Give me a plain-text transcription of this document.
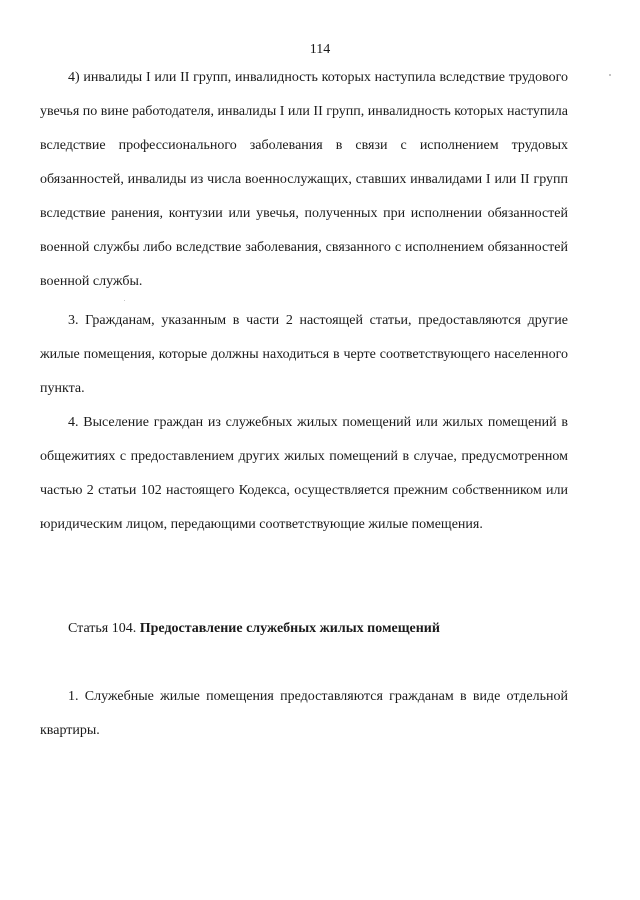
114

4) инвалиды I или II групп, инвалидность которых наступила вследствие трудового увечья по вине работодателя, инвалиды I или II групп, инвалидность которых наступила вследствие профессионального заболевания в связи с исполнением трудовых обязанностей, инвалиды из числа военнослужащих, ставших инвалидами I или II групп вследствие ранения, контузии или увечья, полученных при исполнении обязанностей военной службы либо вследствие заболевания, связанного с исполнением обязанностей военной службы.

3. Гражданам, указанным в части 2 настоящей статьи, предоставляются другие жилые помещения, которые должны находиться в черте соответствующего населенного пункта.

4. Выселение граждан из служебных жилых помещений или жилых помещений в общежитиях с предоставлением других жилых помещений в случае, предусмотренном частью 2 статьи 102 настоящего Кодекса, осуществляется прежним собственником или юридическим лицом, передающими соответствующие жилые помещения.

Статья 104. Предоставление служебных жилых помещений

1. Служебные жилые помещения предоставляются гражданам в виде отдельной квартиры.
